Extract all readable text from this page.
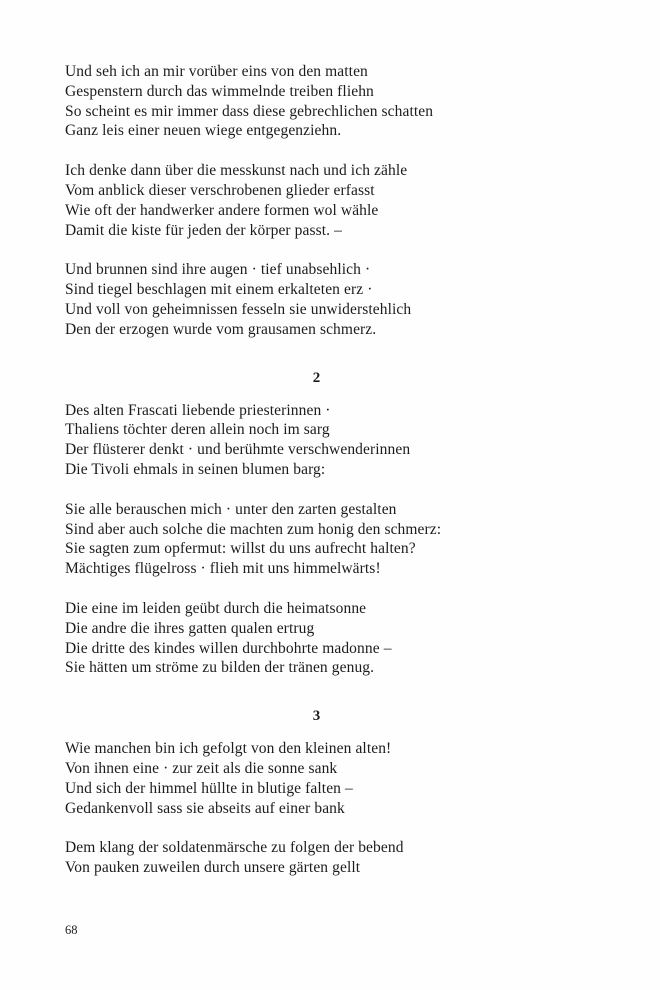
Und seh ich an mir vorüber eins von den matten
Gespenstern durch das wimmelnde treiben fliehn
So scheint es mir immer dass diese gebrechlichen schatten
Ganz leis einer neuen wiege entgegenziehn.
Ich denke dann über die messkunst nach und ich zähle
Vom anblick dieser verschrobenen glieder erfasst
Wie oft der handwerker andere formen wol wähle
Damit die kiste für jeden der körper passt. –
Und brunnen sind ihre augen · tief unabsehlich ·
Sind tiegel beschlagen mit einem erkalteten erz ·
Und voll von geheimnissen fesseln sie unwiderstehlich
Den der erzogen wurde vom grausamen schmerz.
2
Des alten Frascati liebende priesterinnen ·
Thaliens töchter deren allein noch im sarg
Der flüsterer denkt · und berühmte verschwenderinnen
Die Tivoli ehmals in seinen blumen barg:
Sie alle berauschen mich · unter den zarten gestalten
Sind aber auch solche die machten zum honig den schmerz:
Sie sagten zum opfermut: willst du uns aufrecht halten?
Mächtiges flügelross · flieh mit uns himmelwärts!
Die eine im leiden geübt durch die heimatsonne
Die andre die ihres gatten qualen ertrug
Die dritte des kindes willen durchbohrte madonne –
Sie hätten um ströme zu bilden der tränen genug.
3
Wie manchen bin ich gefolgt von den kleinen alten!
Von ihnen eine · zur zeit als die sonne sank
Und sich der himmel hüllte in blutige falten –
Gedankenvoll sass sie abseits auf einer bank
Dem klang der soldatenmärsche zu folgen der bebend
Von pauken zuweilen durch unsere gärten gellt
68
